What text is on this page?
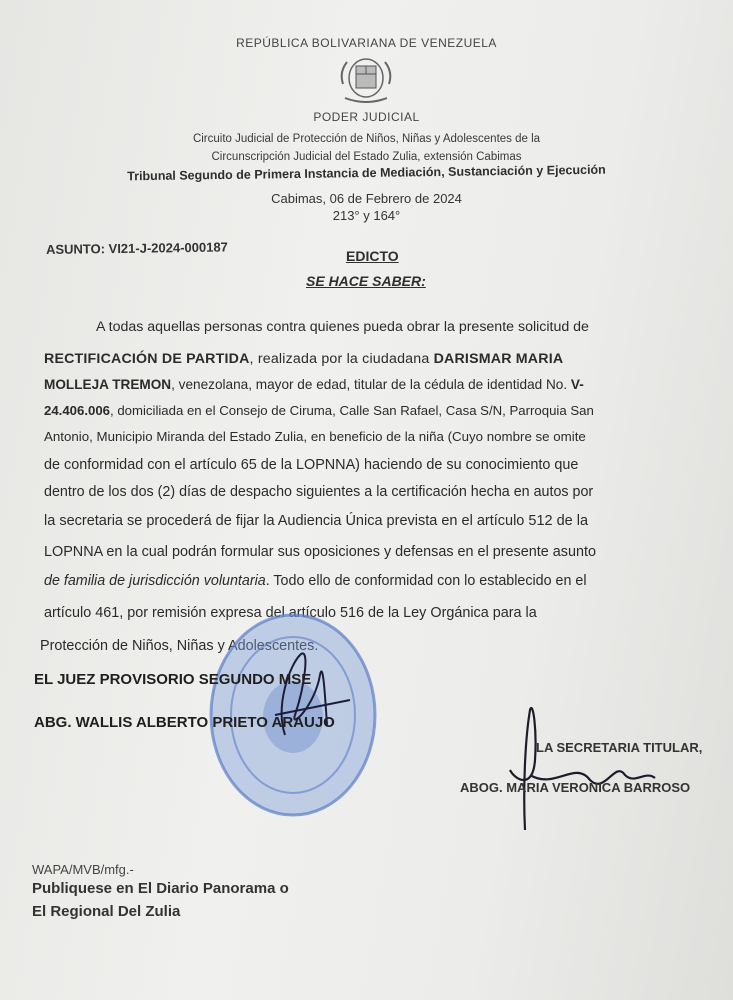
REPÚBLICA BOLIVARIANA DE VENEZUELA
PODER JUDICIAL
Circuito Judicial de Protección de Niños, Niñas y Adolescentes de la
Circunscripción Judicial del Estado Zulia, extensión Cabimas
Tribunal Segundo de Primera Instancia de Mediación, Sustanciación y Ejecución
Cabimas, 06 de Febrero de 2024
213° y 164°
ASUNTO: VI21-J-2024-000187	EDICTO
SE HACE SABER:
A todas aquellas personas contra quienes pueda obrar la presente solicitud de
RECTIFICACIÓN DE PARTIDA, realizada por la ciudadana DARISMAR MARIA
MOLLEJA TREMON, venezolana, mayor de edad, titular de la cédula de identidad No. V-
24.406.006, domiciliada en el Consejo de Ciruma, Calle San Rafael, Casa S/N, Parroquia San
Antonio, Municipio Miranda del Estado Zulia, en beneficio de la niña (Cuyo nombre se omite
de conformidad con el artículo 65 de la LOPNNA) haciendo de su conocimiento que
dentro de los dos (2) días de despacho siguientes a la certificación hecha en autos por
la secretaria se procederá de fijar la Audiencia Única prevista en el artículo 512 de la
LOPNNA en la cual podrán formular sus oposiciones y defensas en el presente asunto
de familia de jurisdicción voluntaria. Todo ello de conformidad con lo establecido en el
artículo 461, por remisión expresa del artículo 516 de la Ley Orgánica para la
Protección de Niños, Niñas y Adolescentes.
EL JUEZ PROVISORIO SEGUNDO MSE
ABG. WALLIS ALBERTO PRIETO ARAUJO
LA SECRETARIA TITULAR,
ABOG. MARIA VERONICA BARROSO
WAPA/MVB/mfg.-
Publiquese en El Diario Panorama o
El Regional Del Zulia
